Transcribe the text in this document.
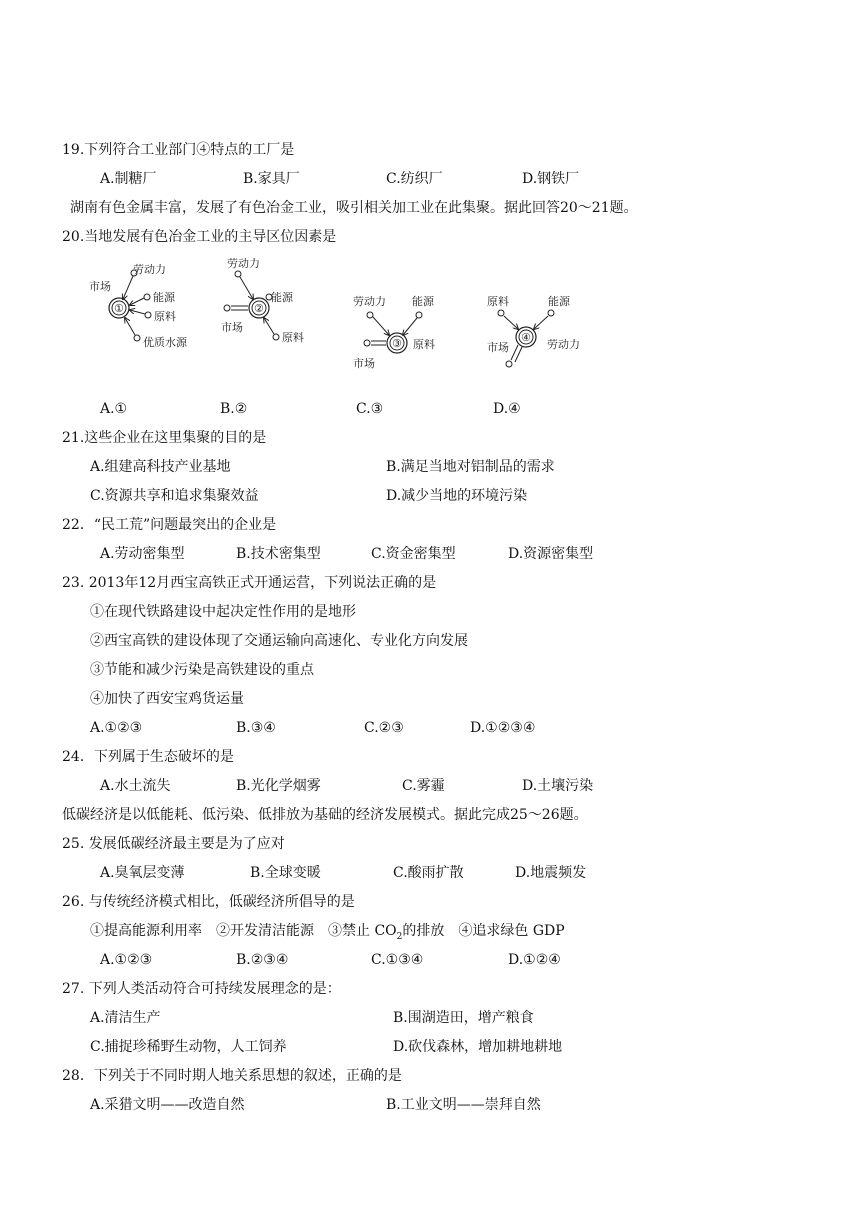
19.下列符合工业部门④特点的工厂是
A.制糖厂	B.家具厂	C.纺织厂	D.钢铁厂
湖南有色金属丰富，发展了有色冶金工业，吸引相关加工业在此集聚。据此回答20～21题。
20.当地发展有色冶金工业的主导区位因素是
①
劳动力
市场
能源
原料
优质水源
②
劳动力
能源
市场
原料	③
劳动力 能源
原料
市场
④
原料	能源
市场	劳动力
A.①	B.②	C.③	D.④
21.这些企业在这里集聚的目的是
A.组建高科技产业基地	B.满足当地对铝制品的需求
C.资源共享和追求集聚效益	D.减少当地的环境污染
22．“民工荒”问题最突出的企业是
A.劳动密集型	B.技术密集型	C.资金密集型	D.资源密集型
23. 2013年12月西宝高铁正式开通运营，下列说法正确的是
①在现代铁路建设中起决定性作用的是地形
②西宝高铁的建设体现了交通运输向高速化、专业化方向发展
③节能和减少污染是高铁建设的重点
④加快了西安宝鸡货运量
A.①②③	B.③④	C.②③	D.①②③④
24．下列属于生态破坏的是
A.水土流失	B.光化学烟雾	C.雾霾	D.土壤污染
低碳经济是以低能耗、低污染、低排放为基础的经济发展模式。据此完成25～26题。
25. 发展低碳经济最主要是为了应对
A.臭氧层变薄	B.全球变暖	C.酸雨扩散	D.地震频发
26. 与传统经济模式相比，低碳经济所倡导的是
①提高能源利用率　②开发清洁能源　③禁止 $CO_2$的排放　④追求绿色 GDP
A.①②③	B.②③④	C.①③④	D.①②④
27. 下列人类活动符合可持续发展理念的是：
A.清洁生产	B.围湖造田，增产粮食
C.捕捉珍稀野生动物，人工饲养	D.砍伐森林，增加耕地耕地
28．下列关于不同时期人地关系思想的叙述，正确的是
A.采猎文明——改造自然	B.工业文明——崇拜自然
